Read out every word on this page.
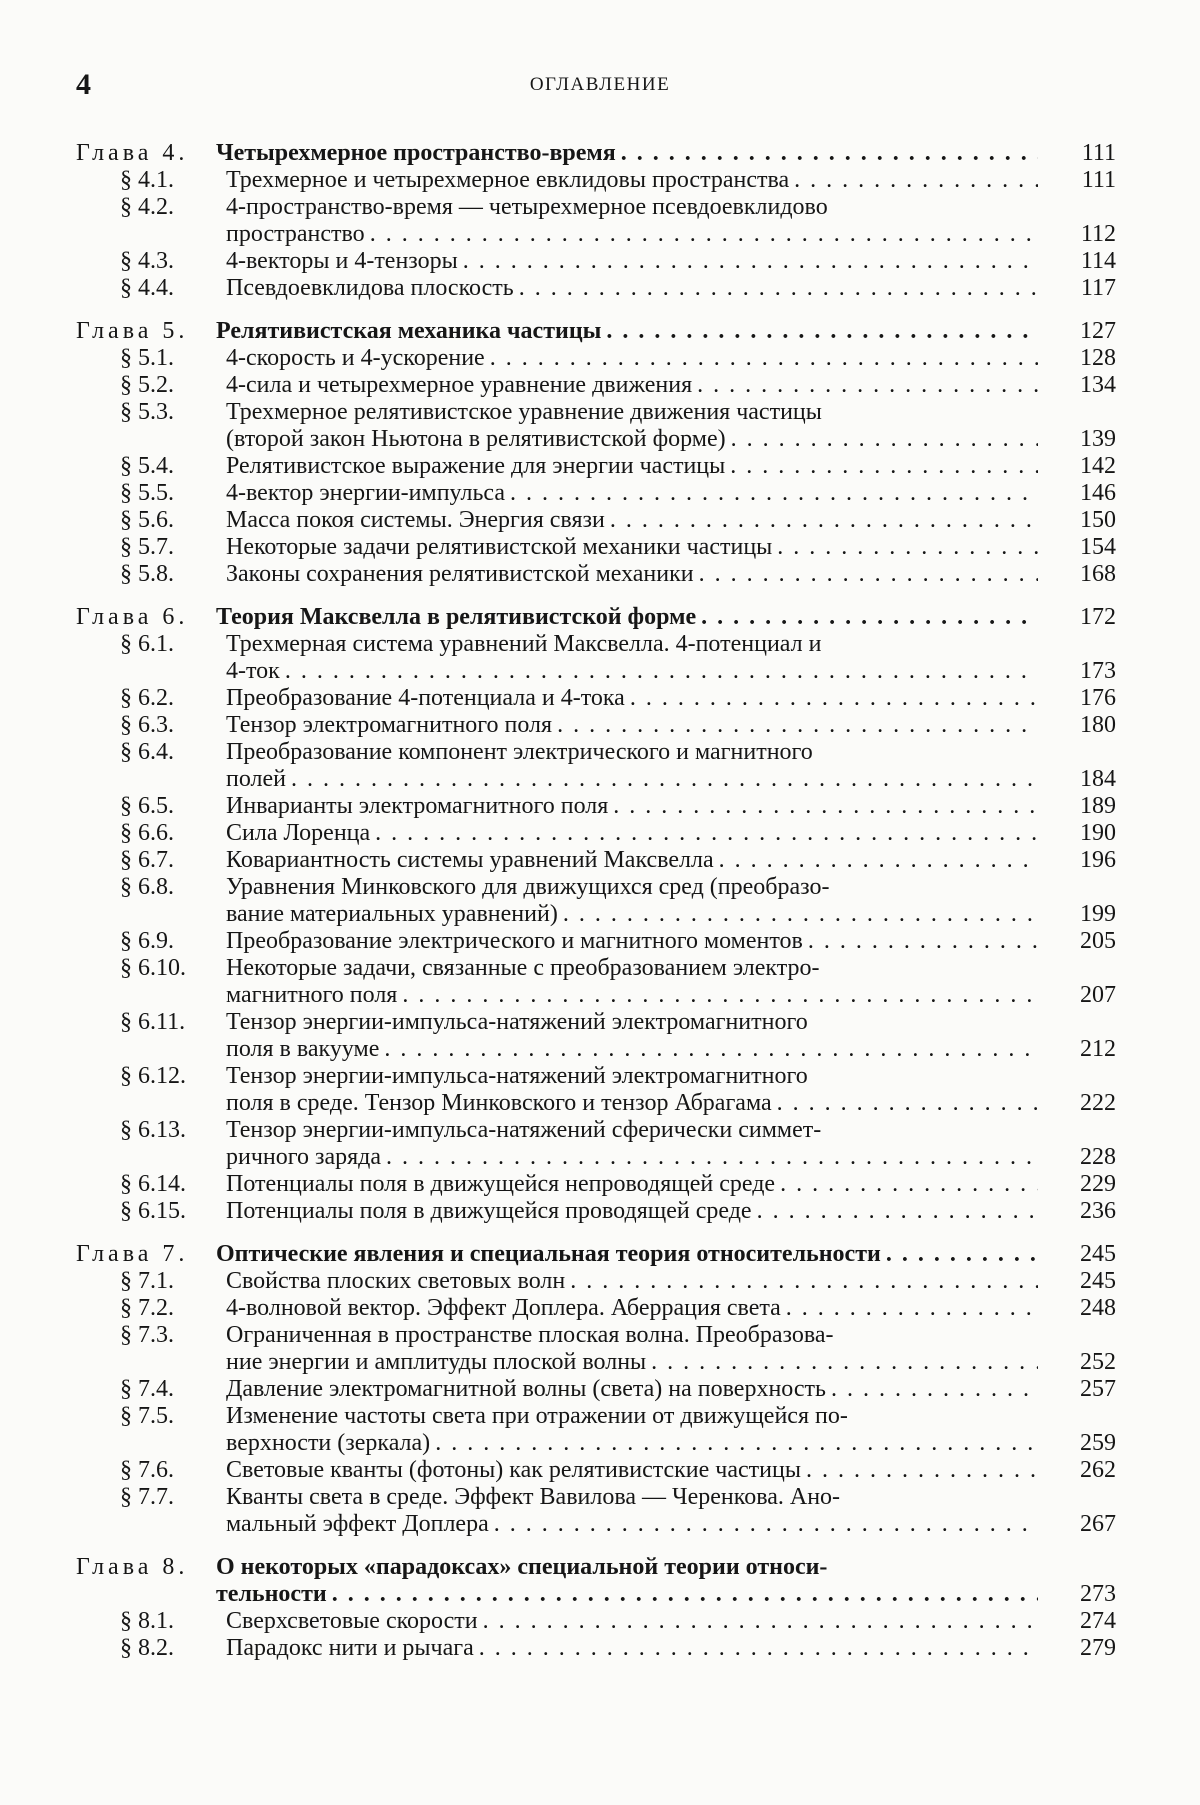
4	ОГЛАВЛЕНИЕ
Глава 4. Четырехмерное пространство-время . . .	111
§ 4.1. Трехмерное и четырехмерное евклидовы пространства . . .	111
§ 4.2. 4-пространство-время — четырехмерное псевдоевклидово
пространство . . .	112
§ 4.3. 4-векторы и 4-тензоры . . .	114
§ 4.4. Псевдоевклидова плоскость . . .	117
Глава 5. Релятивистская механика частицы . . .	127
§ 5.1. 4-скорость и 4-ускорение . . .	128
§ 5.2. 4-сила и четырехмерное уравнение движения . . .	134
§ 5.3. Трехмерное релятивистское уравнение движения частицы
(второй закон Ньютона в релятивистской форме) . . .	139
§ 5.4. Релятивистское выражение для энергии частицы . . .	142
§ 5.5. 4-вектор энергии-импульса . . .	146
§ 5.6. Масса покоя системы. Энергия связи . . .	150
§ 5.7. Некоторые задачи релятивистской механики частицы . . .	154
§ 5.8. Законы сохранения релятивистской механики . . .	168
Глава 6. Теория Максвелла в релятивистской форме . . .	172
§ 6.1. Трехмерная система уравнений Максвелла. 4-потенциал и
4-ток . . .	173
§ 6.2. Преобразование 4-потенциала и 4-тока . . .	176
§ 6.3. Тензор электромагнитного поля . . .	180
§ 6.4. Преобразование компонент электрического и магнитного
полей . . .	184
§ 6.5. Инварианты электромагнитного поля . . .	189
§ 6.6. Сила Лоренца . . .	190
§ 6.7. Ковариантность системы уравнений Максвелла . . .	196
§ 6.8. Уравнения Минковского для движущихся сред (преобразо-
вание материальных уравнений) . . .	199
§ 6.9. Преобразование электрического и магнитного моментов . . .	205
§ 6.10. Некоторые задачи, связанные с преобразованием электро-
магнитного поля . . .	207
§ 6.11. Тензор энергии-импульса-натяжений электромагнитного
поля в вакууме . . .	212
§ 6.12. Тензор энергии-импульса-натяжений электромагнитного
поля в среде. Тензор Минковского и тензор Абрагама . . .	222
§ 6.13. Тензор энергии-импульса-натяжений сферически симмет-
ричного заряда . . .	228
§ 6.14. Потенциалы поля в движущейся непроводящей среде . . .	229
§ 6.15. Потенциалы поля в движущейся проводящей среде . . .	236
Глава 7. Оптические явления и специальная теория относительности . . .	245
§ 7.1. Свойства плоских световых волн . . .	245
§ 7.2. 4-волновой вектор. Эффект Доплера. Аберрация света . . .	248
§ 7.3. Ограниченная в пространстве плоская волна. Преобразова-
ние энергии и амплитуды плоской волны . . .	252
§ 7.4. Давление электромагнитной волны (света) на поверхность . . .	257
§ 7.5. Изменение частоты света при отражении от движущейся по-
верхности (зеркала) . . .	259
§ 7.6. Световые кванты (фотоны) как релятивистские частицы . . .	262
§ 7.7. Кванты света в среде. Эффект Вавилова — Черенкова. Ано-
мальный эффект Доплера . . .	267
Глава 8. О некоторых «парадоксах» специальной теории относи-
тельности . . .	273
§ 8.1. Сверхсветовые скорости . . .	274
§ 8.2. Парадокс нити и рычага . . .	279
